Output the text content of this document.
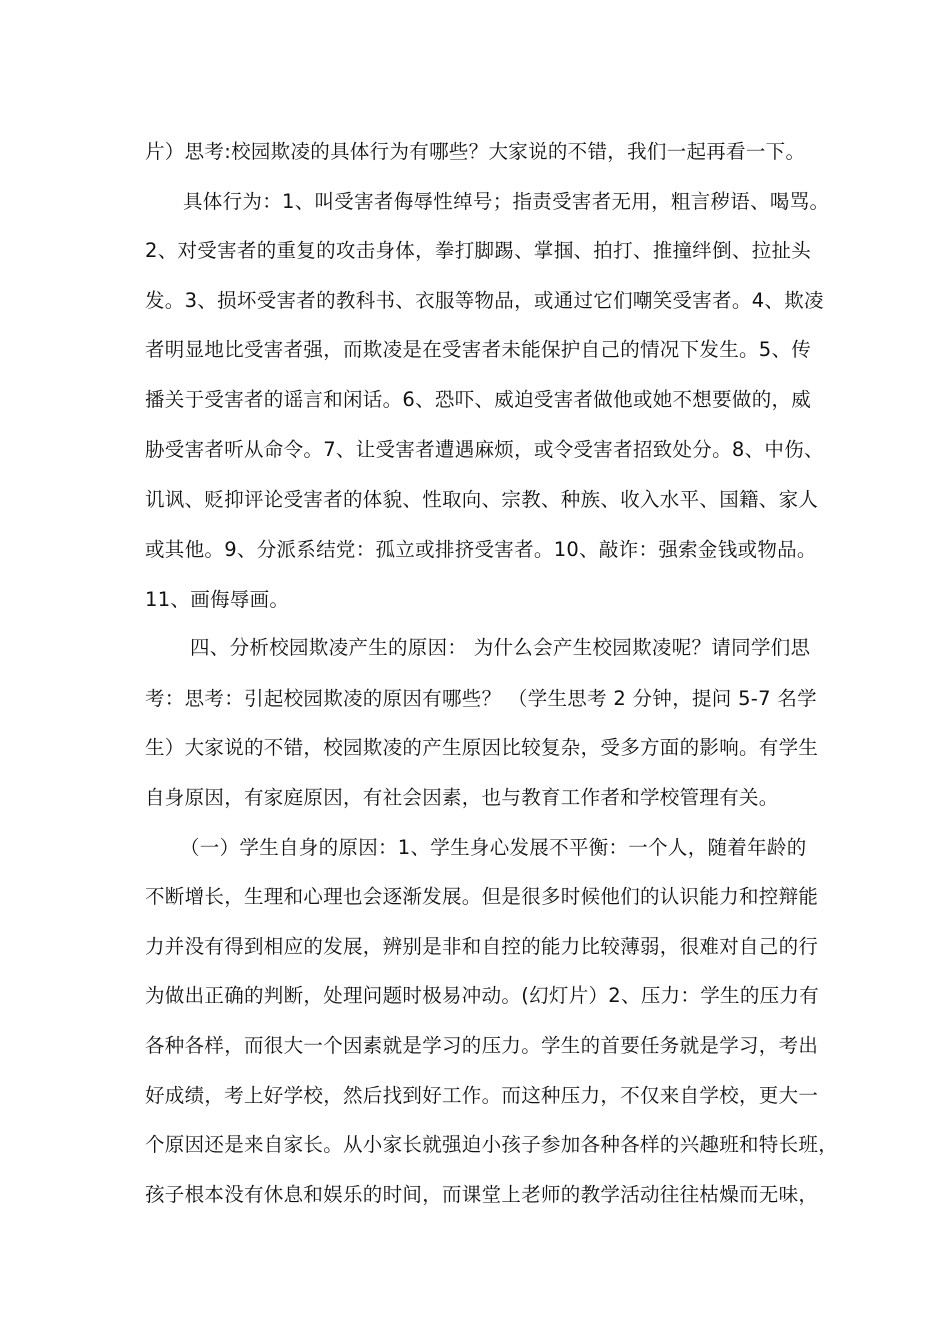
片）思考:校园欺凌的具体行为有哪些？大家说的不错，我们一起再看一下。
具体行为：1、叫受害者侮辱性绰号；指责受害者无用，粗言秽语、喝骂。
2、对受害者的重复的攻击身体，拳打脚踢、掌掴、拍打、推撞绊倒、拉扯头
发。3、损坏受害者的教科书、衣服等物品，或通过它们嘲笑受害者。4、欺凌
者明显地比受害者强，而欺凌是在受害者未能保护自己的情况下发生。5、传
播关于受害者的谣言和闲话。6、恐吓、威迫受害者做他或她不想要做的，威
胁受害者听从命令。7、让受害者遭遇麻烦，或令受害者招致处分。8、中伤、
讥讽、贬抑评论受害者的体貌、性取向、宗教、种族、收入水平、国籍、家人
或其他。9、分派系结党：孤立或排挤受害者。10、敲诈：强索金钱或物品。
11、画侮辱画。
四、分析校园欺凌产生的原因： 为什么会产生校园欺凌呢？请同学们思
考：思考：引起校园欺凌的原因有哪些？ （学生思考 2 分钟，提问 5-7 名学
生）大家说的不错，校园欺凌的产生原因比较复杂，受多方面的影响。有学生
自身原因，有家庭原因，有社会因素，也与教育工作者和学校管理有关。
（一）学生自身的原因：1、学生身心发展不平衡：一个人，随着年龄的
不断增长，生理和心理也会逐渐发展。但是很多时候他们的认识能力和控辩能
力并没有得到相应的发展，辨别是非和自控的能力比较薄弱，很难对自己的行
为做出正确的判断，处理问题时极易冲动。(幻灯片）2、压力：学生的压力有
各种各样，而很大一个因素就是学习的压力。学生的首要任务就是学习，考出
好成绩，考上好学校，然后找到好工作。而这种压力，不仅来自学校，更大一
个原因还是来自家长。从小家长就强迫小孩子参加各种各样的兴趣班和特长班，
孩子根本没有休息和娱乐的时间，而课堂上老师的教学活动往往枯燥而无味，
